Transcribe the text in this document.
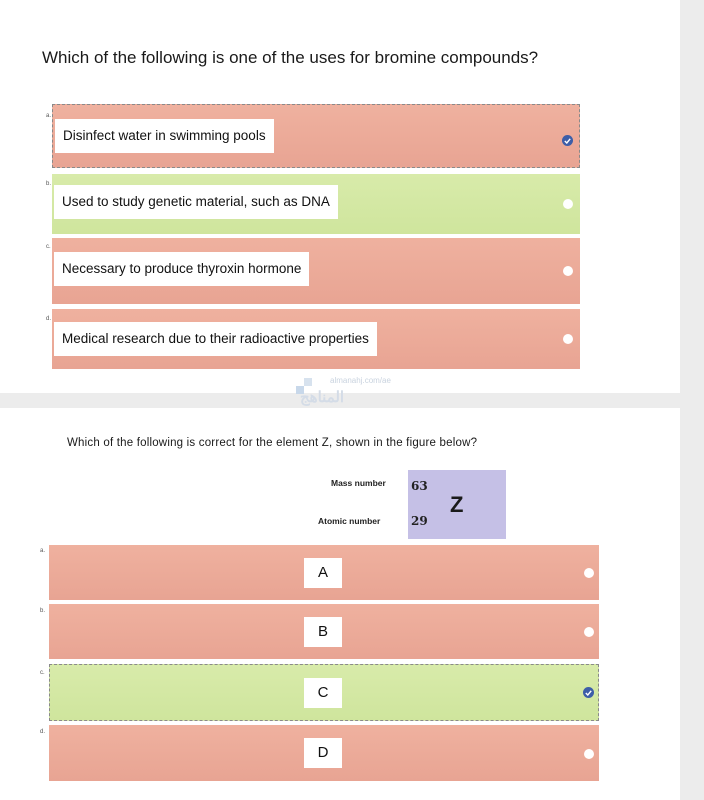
Which of the following is one of the uses for bromine compounds?
a.
Disinfect water in swimming pools
b.
Used to study genetic material, such as DNA
c.
Necessary to produce thyroxin hormone
d.
Medical research due to their radioactive properties
almanahj.com/ae
المناهج
Which of the following is correct for the element Z, shown in the figure below?
Mass number
Atomic number
63
29
Z
a.
A
b.
B
c.
C
d.
D
